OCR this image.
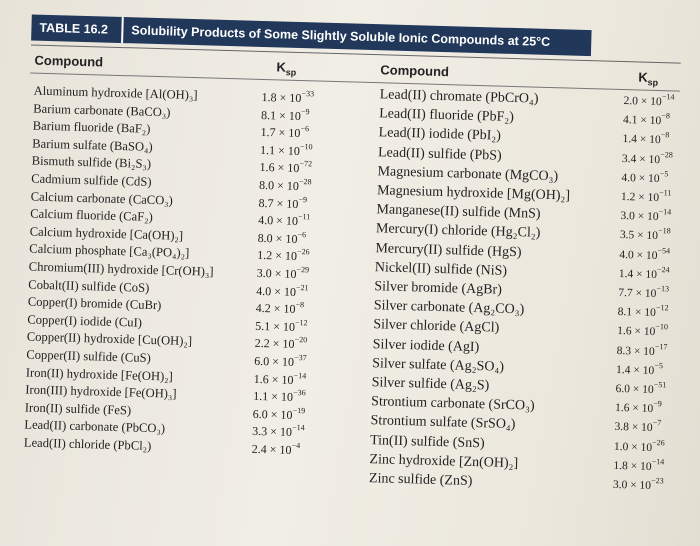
TABLE 16.2 Solubility Products of Some Slightly Soluble Ionic Compounds at 25°C
Compound	$K_{sp}$	Compound	$K_{sp}$
Aluminum hydroxide [Al(OH)₃]	$1.8 \times 10^{-33}$
Barium carbonate (BaCO₃)	$8.1 \times 10^{-9}$
Barium fluoride (BaF₂)	$1.7 \times 10^{-6}$
Barium sulfate (BaSO₄)	$1.1 \times 10^{-10}$
Bismuth sulfide (Bi₂S₃)	$1.6 \times 10^{-72}$
Cadmium sulfide (CdS)	$8.0 \times 10^{-28}$
Calcium carbonate (CaCO₃)	$8.7 \times 10^{-9}$
Calcium fluoride (CaF₂)	$4.0 \times 10^{-11}$
Calcium hydroxide [Ca(OH)₂]	$8.0 \times 10^{-6}$
Calcium phosphate [Ca₃(PO₄)₂]	$1.2 \times 10^{-26}$
Chromium(III) hydroxide [Cr(OH)₃]	$3.0 \times 10^{-29}$
Cobalt(II) sulfide (CoS)	$4.0 \times 10^{-21}$
Copper(I) bromide (CuBr)	$4.2 \times 10^{-8}$
Copper(I) iodide (CuI)	$5.1 \times 10^{-12}$
Copper(II) hydroxide [Cu(OH)₂]	$2.2 \times 10^{-20}$
Copper(II) sulfide (CuS)	$6.0 \times 10^{-37}$
Iron(II) hydroxide [Fe(OH)₂]	$1.6 \times 10^{-14}$
Iron(III) hydroxide [Fe(OH)₃]	$1.1 \times 10^{-36}$
Iron(II) sulfide (FeS)	$6.0 \times 10^{-19}$
Lead(II) carbonate (PbCO₃)	$3.3 \times 10^{-14}$
Lead(II) chloride (PbCl₂)	$2.4 \times 10^{-4}$
Lead(II) chromate (PbCrO₄)	$2.0 \times 10^{-14}$
Lead(II) fluoride (PbF₂)	$4.1 \times 10^{-8}$
Lead(II) iodide (PbI₂)	$1.4 \times 10^{-8}$
Lead(II) sulfide (PbS)	$3.4 \times 10^{-28}$
Magnesium carbonate (MgCO₃)	$4.0 \times 10^{-5}$
Magnesium hydroxide [Mg(OH)₂]	$1.2 \times 10^{-11}$
Manganese(II) sulfide (MnS)	$3.0 \times 10^{-14}$
Mercury(I) chloride (Hg₂Cl₂)	$3.5 \times 10^{-18}$
Mercury(II) sulfide (HgS)	$4.0 \times 10^{-54}$
Nickel(II) sulfide (NiS)	$1.4 \times 10^{-24}$
Silver bromide (AgBr)	$7.7 \times 10^{-13}$
Silver carbonate (Ag₂CO₃)	$8.1 \times 10^{-12}$
Silver chloride (AgCl)	$1.6 \times 10^{-10}$
Silver iodide (AgI)	$8.3 \times 10^{-17}$
Silver sulfate (Ag₂SO₄)	$1.4 \times 10^{-5}$
Silver sulfide (Ag₂S)	$6.0 \times 10^{-51}$
Strontium carbonate (SrCO₃)	$1.6 \times 10^{-9}$
Strontium sulfate (SrSO₄)	$3.8 \times 10^{-7}$
Tin(II) sulfide (SnS)	$1.0 \times 10^{-26}$
Zinc hydroxide [Zn(OH)₂]	$1.8 \times 10^{-14}$
Zinc sulfide (ZnS)	$3.0 \times 10^{-23}$
